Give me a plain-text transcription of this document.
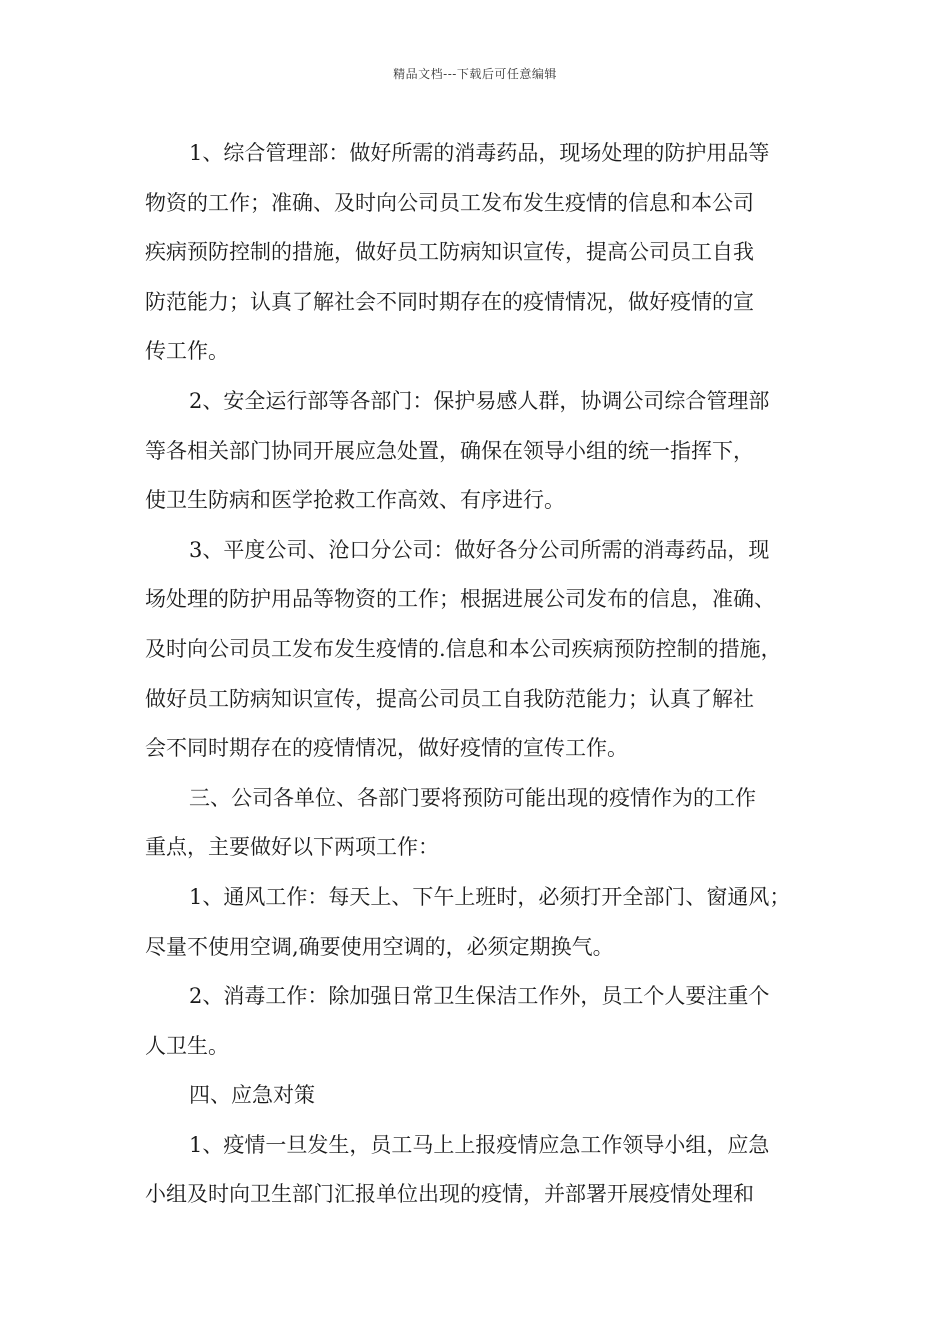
精品文档---下载后可任意编辑
1、综合管理部：做好所需的消毒药品，现场处理的防护用品等
物资的工作；准确、及时向公司员工发布发生疫情的信息和本公司
疾病预防控制的措施，做好员工防病知识宣传，提高公司员工自我
防范能力；认真了解社会不同时期存在的疫情情况，做好疫情的宣
传工作。
2、安全运行部等各部门：保护易感人群，协调公司综合管理部
等各相关部门协同开展应急处置，确保在领导小组的统一指挥下，
使卫生防病和医学抢救工作高效、有序进行。
3、平度公司、沧口分公司：做好各分公司所需的消毒药品，现
场处理的防护用品等物资的工作；根据进展公司发布的信息，准确、
及时向公司员工发布发生疫情的.信息和本公司疾病预防控制的措施，
做好员工防病知识宣传，提高公司员工自我防范能力；认真了解社
会不同时期存在的疫情情况，做好疫情的宣传工作。
三、公司各单位、各部门要将预防可能出现的疫情作为的工作
重点，主要做好以下两项工作：
1、通风工作：每天上、下午上班时，必须打开全部门、窗通风；
尽量不使用空调,确要使用空调的，必须定期换气。
2、消毒工作：除加强日常卫生保洁工作外，员工个人要注重个
人卫生。
四、应急对策
1、疫情一旦发生，员工马上上报疫情应急工作领导小组，应急
小组及时向卫生部门汇报单位出现的疫情，并部署开展疫情处理和
